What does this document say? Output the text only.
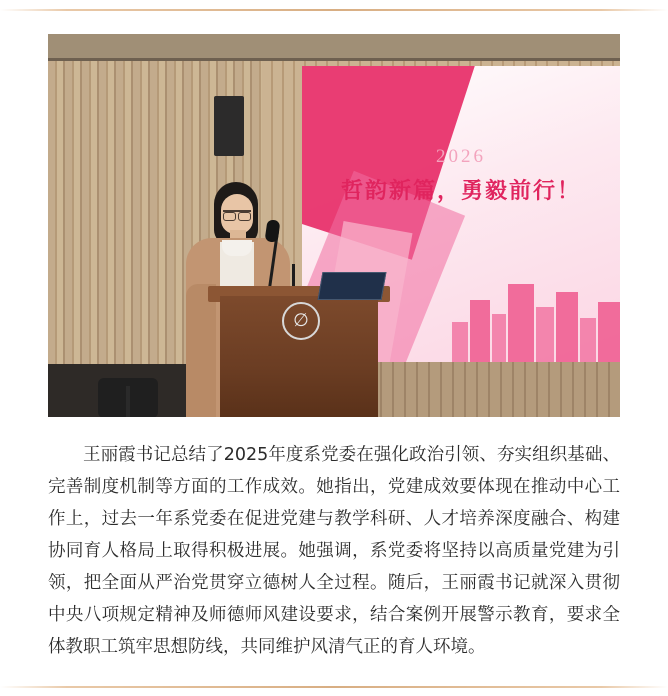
2026
哲韵新篇，勇毅前行！
∅

王丽霞书记总结了2025年度系党委在强化政治引领、夯实组织基础、完善制度机制等方面的工作成效。她指出，党建成效要体现在推动中心工作上，过去一年系党委在促进党建与教学科研、人才培养深度融合、构建协同育人格局上取得积极进展。她强调，系党委将坚持以高质量党建为引领，把全面从严治党贯穿立德树人全过程。随后，王丽霞书记就深入贯彻中央八项规定精神及师德师风建设要求，结合案例开展警示教育，要求全体教职工筑牢思想防线，共同维护风清气正的育人环境。
